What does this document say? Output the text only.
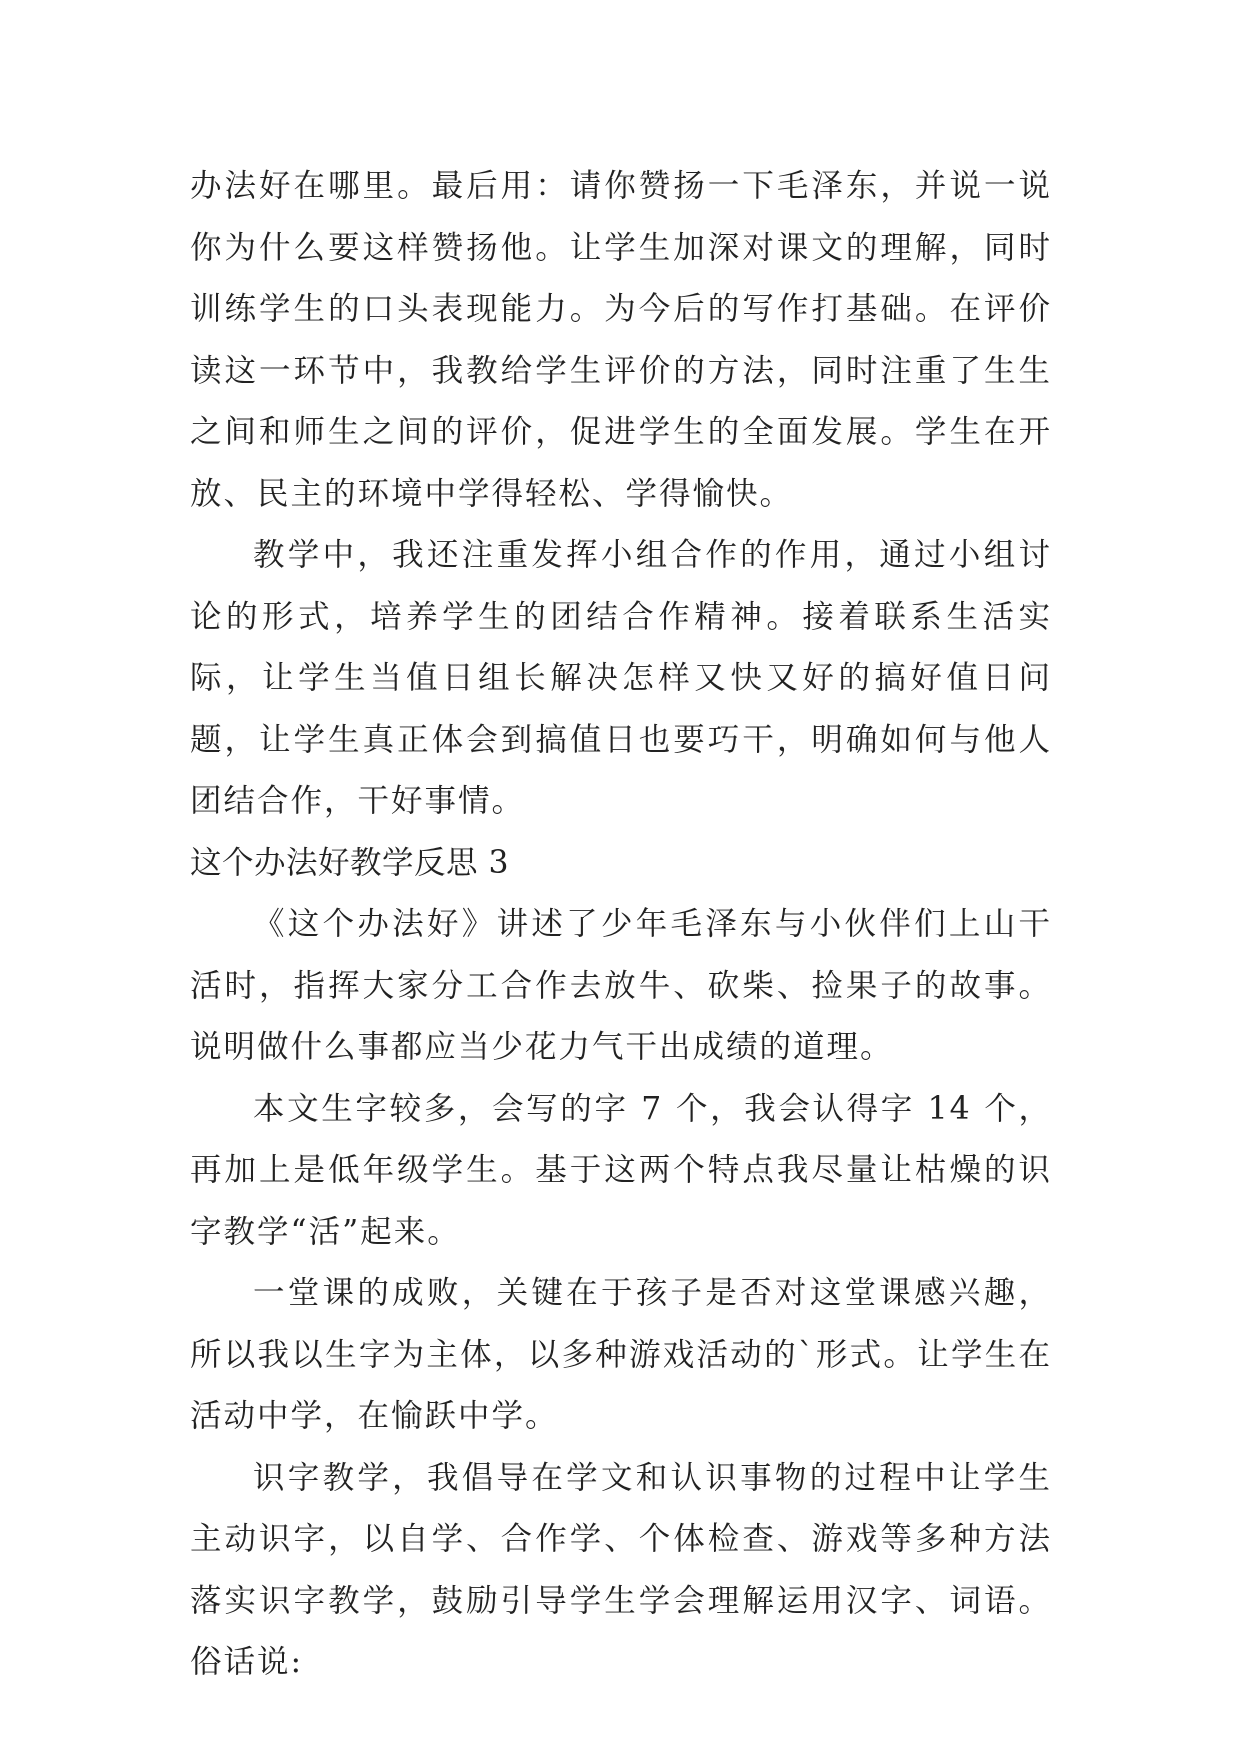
办法好在哪里。最后用：请你赞扬一下毛泽东，并说一说你为什么要这样赞扬他。让学生加深对课文的理解，同时训练学生的口头表现能力。为今后的写作打基础。在评价读这一环节中，我教给学生评价的方法，同时注重了生生之间和师生之间的评价，促进学生的全面发展。学生在开放、民主的环境中学得轻松、学得愉快。

教学中，我还注重发挥小组合作的作用，通过小组讨论的形式，培养学生的团结合作精神。接着联系生活实际，让学生当值日组长解决怎样又快又好的搞好值日问题，让学生真正体会到搞值日也要巧干，明确如何与他人团结合作，干好事情。

这个办法好教学反思 3

《这个办法好》讲述了少年毛泽东与小伙伴们上山干活时，指挥大家分工合作去放牛、砍柴、捡果子的故事。说明做什么事都应当少花力气干出成绩的道理。

本文生字较多，会写的字 7 个，我会认得字 14 个，再加上是低年级学生。基于这两个特点我尽量让枯燥的识字教学“活”起来。

一堂课的成败，关键在于孩子是否对这堂课感兴趣，所以我以生字为主体，以多种游戏活动的`形式。让学生在活动中学，在愉跃中学。

识字教学，我倡导在学文和认识事物的过程中让学生主动识字，以自学、合作学、个体检查、游戏等多种方法落实识字教学，鼓励引导学生学会理解运用汉字、词语。俗话说:
